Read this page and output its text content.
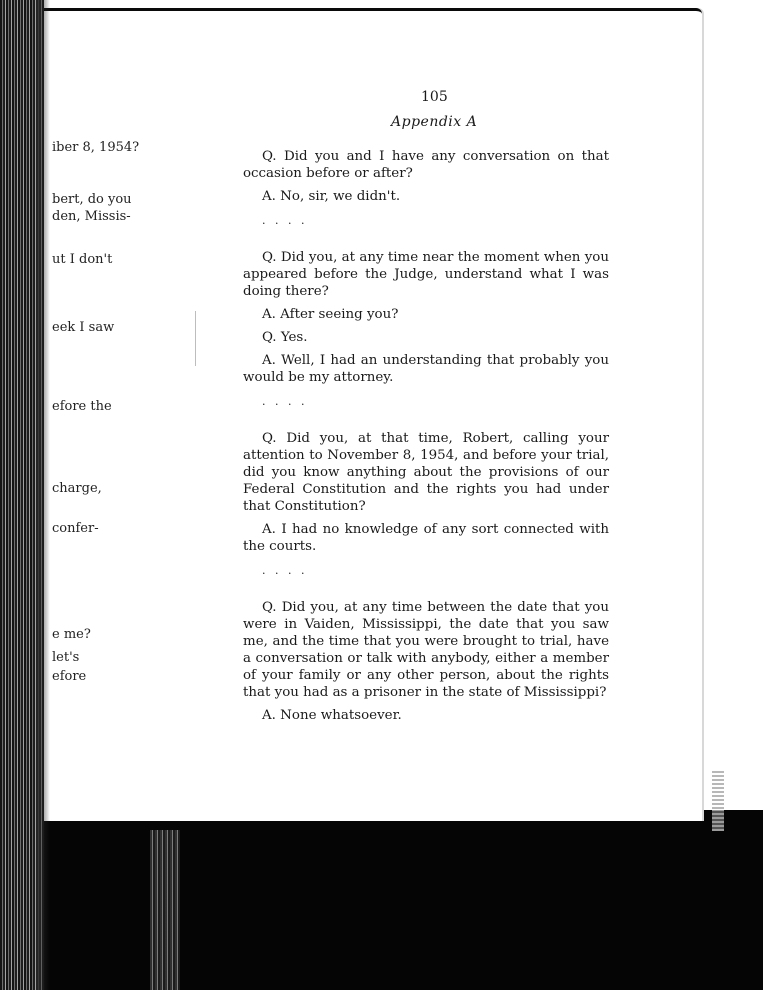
iber 8, 1954?
bert, do you
den, Missis-
ut I don't
eek I saw
efore the
charge,
confer-
e me?
let's
efore
105
Appendix A

Q. Did you and I have any conversation on that occasion before or after?

A. No, sir, we didn't.

. . . .

Q. Did you, at any time near the moment when you appeared before the Judge, understand what I was doing there?

A. After seeing you?

Q. Yes.

A. Well, I had an understanding that probably you would be my attorney.

. . . .

Q. Did you, at that time, Robert, calling your attention to November 8, 1954, and before your trial, did you know anything about the provisions of our Federal Constitution and the rights you had under that Constitution?

A. I had no knowledge of any sort connected with the courts.

. . . .

Q. Did you, at any time between the date that you were in Vaiden, Mississippi, the date that you saw me, and the time that you were brought to trial, have a conversation or talk with anybody, either a member of your family or any other person, about the rights that you had as a prisoner in the state of Mississippi?

A. None whatsoever.
